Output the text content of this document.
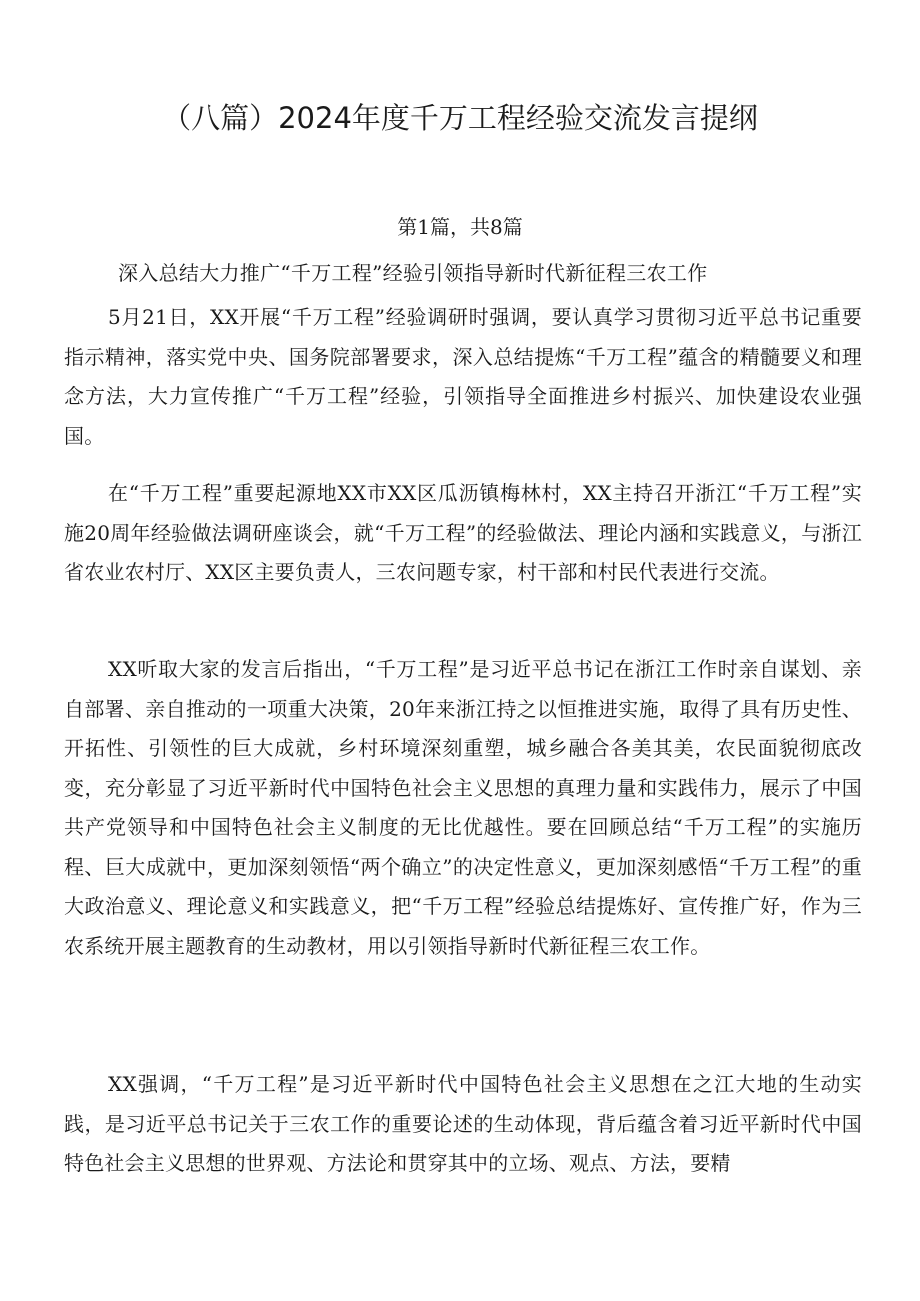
（八篇）2024年度千万工程经验交流发言提纲

第1篇，共8篇

深入总结大力推广“千万工程”经验引领指导新时代新征程三农工作

5月21日，XX开展“千万工程”经验调研时强调，要认真学习贯彻习近平总书记重要指示精神，落实党中央、国务院部署要求，深入总结提炼“千万工程”蕴含的精髓要义和理念方法，大力宣传推广“千万工程”经验，引领指导全面推进乡村振兴、加快建设农业强国。

在“千万工程”重要起源地XX市XX区瓜沥镇梅林村，XX主持召开浙江“千万工程”实施20周年经验做法调研座谈会，就“千万工程”的经验做法、理论内涵和实践意义，与浙江省农业农村厅、XX区主要负责人，三农问题专家，村干部和村民代表进行交流。

XX听取大家的发言后指出，“千万工程”是习近平总书记在浙江工作时亲自谋划、亲自部署、亲自推动的一项重大决策，20年来浙江持之以恒推进实施，取得了具有历史性、开拓性、引领性的巨大成就，乡村环境深刻重塑，城乡融合各美其美，农民面貌彻底改变，充分彰显了习近平新时代中国特色社会主义思想的真理力量和实践伟力，展示了中国共产党领导和中国特色社会主义制度的无比优越性。要在回顾总结“千万工程”的实施历程、巨大成就中，更加深刻领悟“两个确立”的决定性意义，更加深刻感悟“千万工程”的重大政治意义、理论意义和实践意义，把“千万工程”经验总结提炼好、宣传推广好，作为三农系统开展主题教育的生动教材，用以引领指导新时代新征程三农工作。

XX强调，“千万工程”是习近平新时代中国特色社会主义思想在之江大地的生动实践，是习近平总书记关于三农工作的重要论述的生动体现，背后蕴含着习近平新时代中国特色社会主义思想的世界观、方法论和贯穿其中的立场、观点、方法，要精
